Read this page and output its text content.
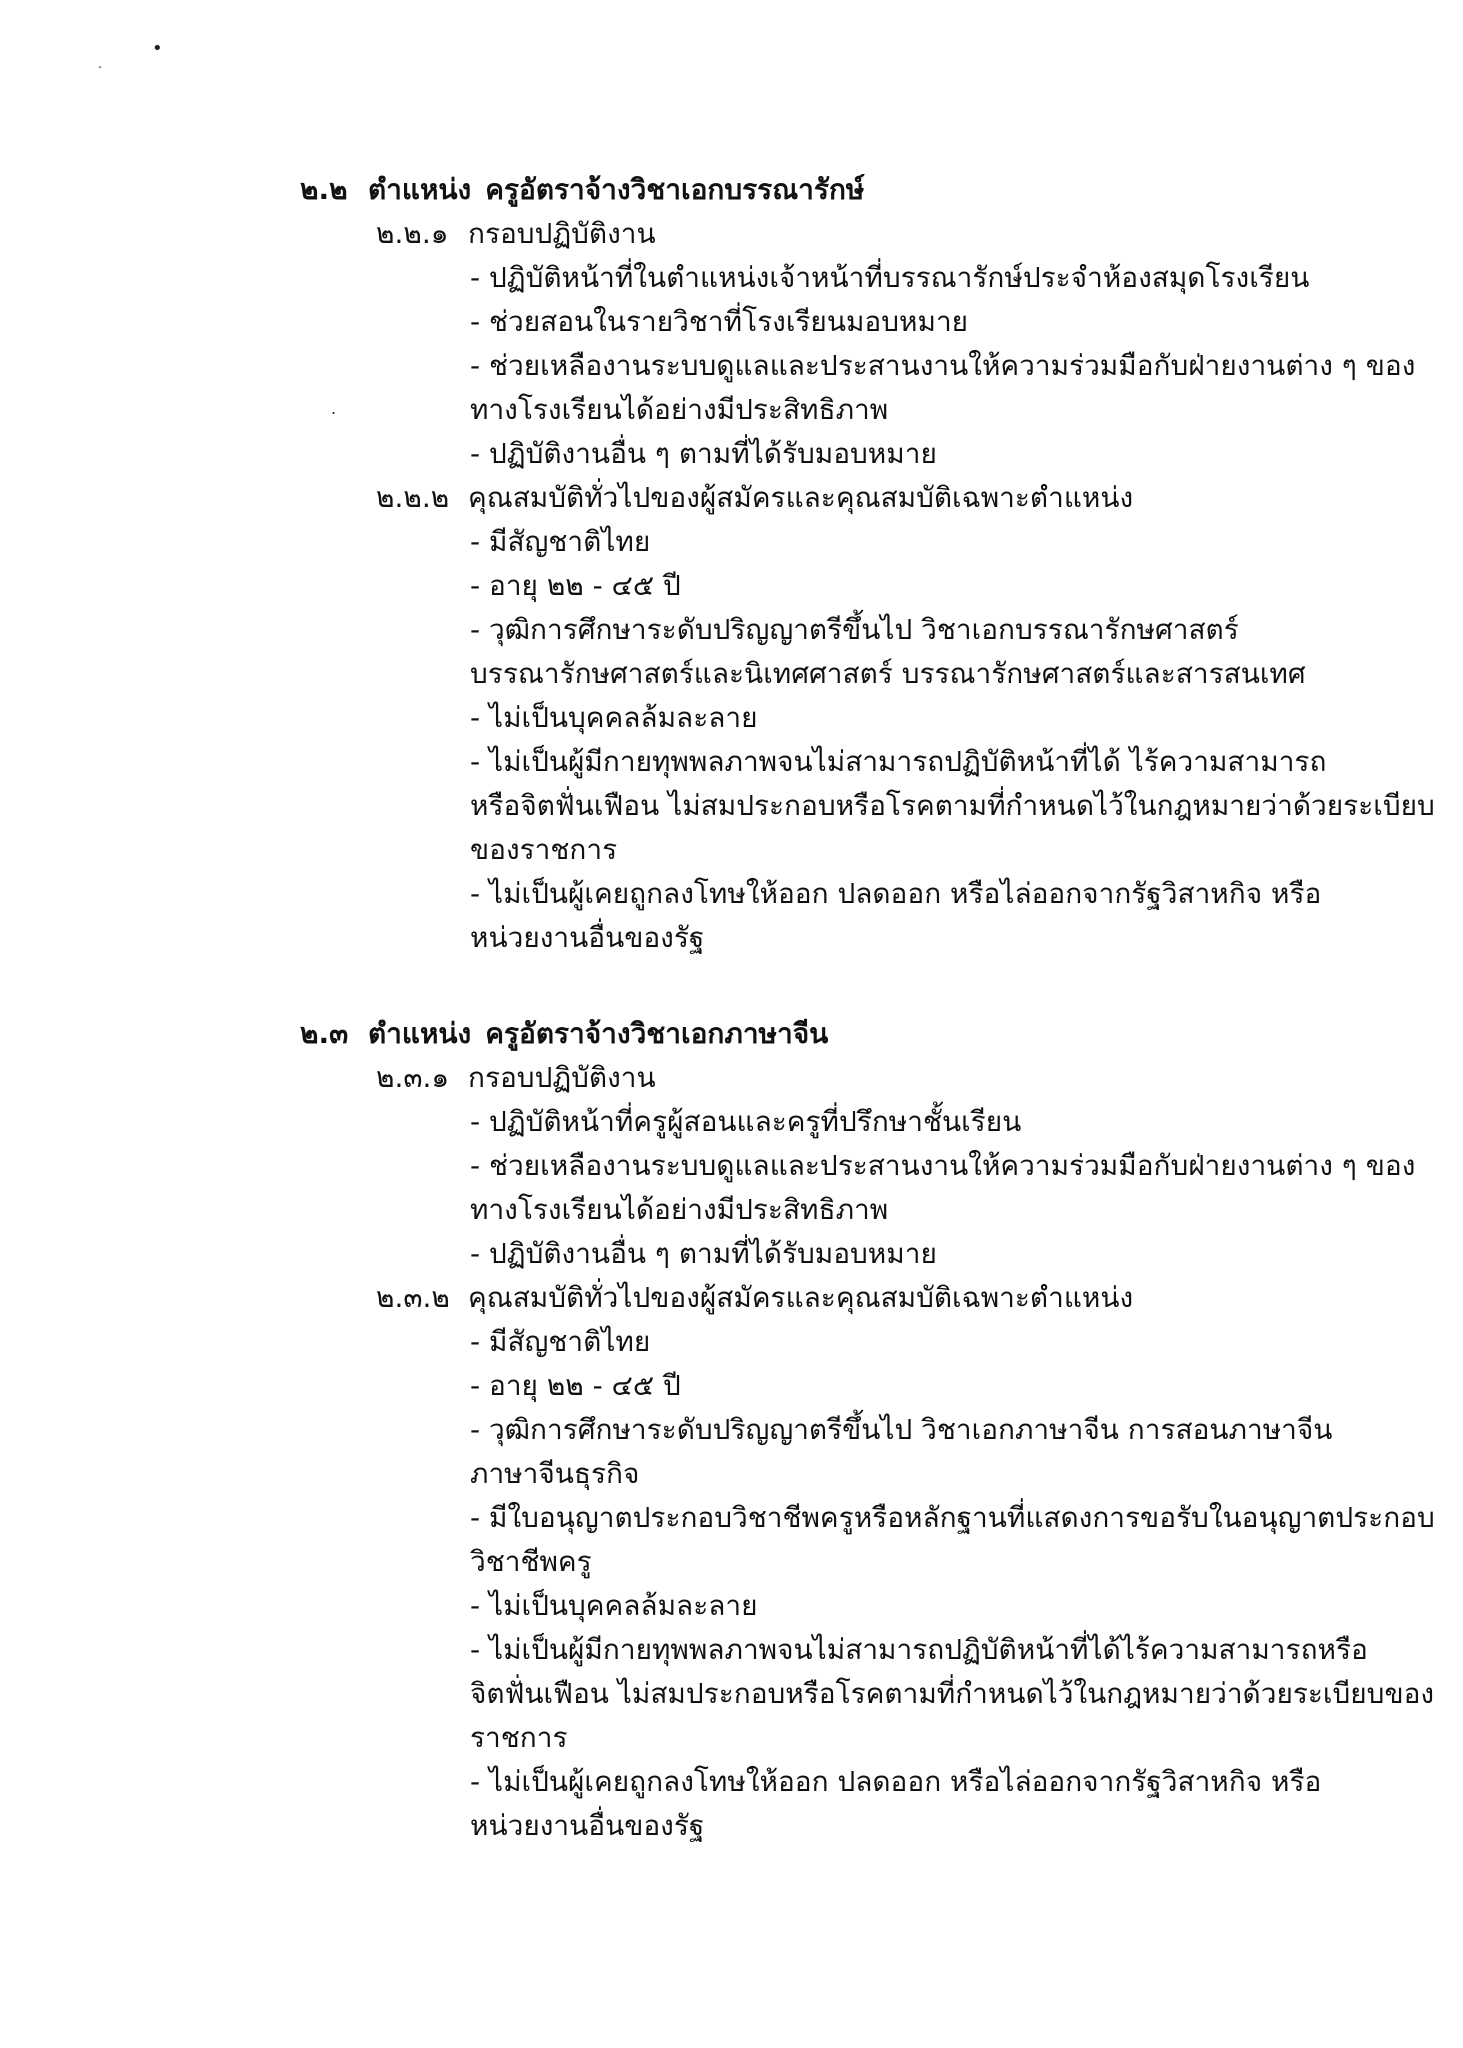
•
.
๒.๒ ตำแหน่ง ครูอัตราจ้างวิชาเอกบรรณารักษ์
๒.๒.๑ กรอบปฏิบัติงาน
- ปฏิบัติหน้าที่ในตำแหน่งเจ้าหน้าที่บรรณารักษ์ประจำห้องสมุดโรงเรียน
- ช่วยสอนในรายวิชาที่โรงเรียนมอบหมาย
- ช่วยเหลืองานระบบดูแลและประสานงานให้ความร่วมมือกับฝ่ายงานต่าง ๆ ของ
ทางโรงเรียนได้อย่างมีประสิทธิภาพ
- ปฏิบัติงานอื่น ๆ ตามที่ได้รับมอบหมาย
๒.๒.๒ คุณสมบัติทั่วไปของผู้สมัครและคุณสมบัติเฉพาะตำแหน่ง
- มีสัญชาติไทย
- อายุ ๒๒ - ๔๕ ปี
- วุฒิการศึกษาระดับปริญญาตรีขึ้นไป วิชาเอกบรรณารักษศาสตร์
บรรณารักษศาสตร์และนิเทศศาสตร์ บรรณารักษศาสตร์และสารสนเทศ
- ไม่เป็นบุคคลล้มละลาย
- ไม่เป็นผู้มีกายทุพพลภาพจนไม่สามารถปฏิบัติหน้าที่ได้ ไร้ความสามารถ
หรือจิตฟั่นเฟือน ไม่สมประกอบหรือโรคตามที่กำหนดไว้ในกฎหมายว่าด้วยระเบียบ
ของราชการ
- ไม่เป็นผู้เคยถูกลงโทษให้ออก ปลดออก หรือไล่ออกจากรัฐวิสาหกิจ หรือ
หน่วยงานอื่นของรัฐ
๒.๓ ตำแหน่ง ครูอัตราจ้างวิชาเอกภาษาจีน
๒.๓.๑ กรอบปฏิบัติงาน
- ปฏิบัติหน้าที่ครูผู้สอนและครูที่ปรึกษาชั้นเรียน
- ช่วยเหลืองานระบบดูแลและประสานงานให้ความร่วมมือกับฝ่ายงานต่าง ๆ ของ
ทางโรงเรียนได้อย่างมีประสิทธิภาพ
- ปฏิบัติงานอื่น ๆ ตามที่ได้รับมอบหมาย
๒.๓.๒ คุณสมบัติทั่วไปของผู้สมัครและคุณสมบัติเฉพาะตำแหน่ง
- มีสัญชาติไทย
- อายุ ๒๒ - ๔๕ ปี
- วุฒิการศึกษาระดับปริญญาตรีขึ้นไป วิชาเอกภาษาจีน การสอนภาษาจีน
ภาษาจีนธุรกิจ
- มีใบอนุญาตประกอบวิชาชีพครูหรือหลักฐานที่แสดงการขอรับในอนุญาตประกอบ
วิชาชีพครู
- ไม่เป็นบุคคลล้มละลาย
- ไม่เป็นผู้มีกายทุพพลภาพจนไม่สามารถปฏิบัติหน้าที่ได้ไร้ความสามารถหรือ
จิตฟั่นเฟือน ไม่สมประกอบหรือโรคตามที่กำหนดไว้ในกฎหมายว่าด้วยระเบียบของ
ราชการ
- ไม่เป็นผู้เคยถูกลงโทษให้ออก ปลดออก หรือไล่ออกจากรัฐวิสาหกิจ หรือ
หน่วยงานอื่นของรัฐ
